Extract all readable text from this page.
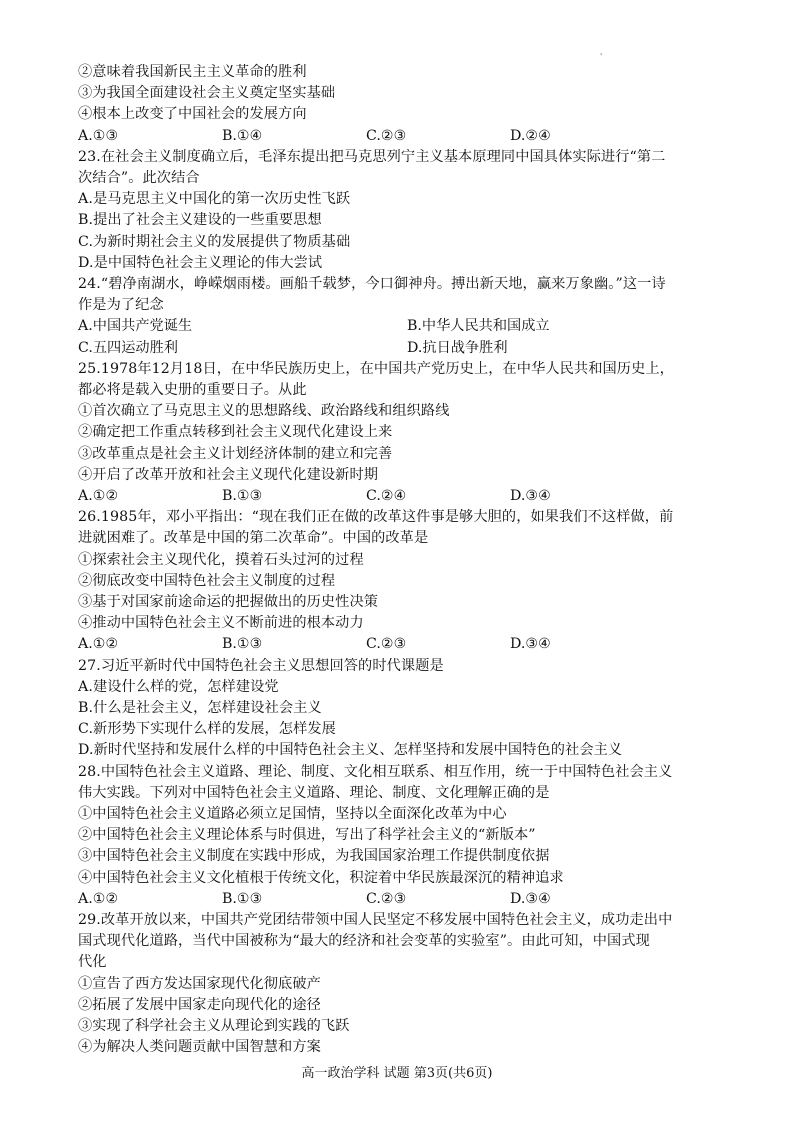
'
②意味着我国新民主主义革命的胜利
③为我国全面建设社会主义奠定坚实基础
④根本上改变了中国社会的发展方向
A.①③	B.①④	C.②③	D.②④
23.在社会主义制度确立后，毛泽东提出把马克思列宁主义基本原理同中国具体实际进行“第二
次结合”。此次结合
A.是马克思主义中国化的第一次历史性飞跃
B.提出了社会主义建设的一些重要思想
C.为新时期社会主义的发展提供了物质基础
D.是中国特色社会主义理论的伟大尝试
24.“碧净南湖水，峥嵘烟雨楼。画船千载梦，今口御神舟。搏出新天地，赢来万象幽。”这一诗
作是为了纪念
A.中国共产党诞生	B.中华人民共和国成立
C.五四运动胜利	D.抗日战争胜利
25.1978年12月18日，在中华民族历史上，在中国共产党历史上，在中华人民共和国历史上，
都必将是载入史册的重要日子。从此
①首次确立了马克思主义的思想路线、政治路线和组织路线
②确定把工作重点转移到社会主义现代化建设上来
③改革重点是社会主义计划经济体制的建立和完善
④开启了改革开放和社会主义现代化建设新时期
A.①②	B.①③	C.②④	D.③④
26.1985年，邓小平指出：“现在我们正在做的改革这件事是够大胆的，如果我们不这样做，前
进就困难了。改革是中国的第二次革命”。中国的改革是
①探索社会主义现代化，摸着石头过河的过程
②彻底改变中国特色社会主义制度的过程
③基于对国家前途命运的把握做出的历史性决策
④推动中国特色社会主义不断前进的根本动力
A.①②	B.①③	C.②③	D.③④
27.习近平新时代中国特色社会主义思想回答的时代课题是
A.建设什么样的党，怎样建设党
B.什么是社会主义，怎样建设社会主义
C.新形势下实现什么样的发展，怎样发展
D.新时代坚持和发展什么样的中国特色社会主义、怎样坚持和发展中国特色的社会主义
28.中国特色社会主义道路、理论、制度、文化相互联系、相互作用，统一于中国特色社会主义
伟大实践。下列对中国特色社会主义道路、理论、制度、文化理解正确的是
①中国特色社会主义道路必须立足国情，坚持以全面深化改革为中心
②中国特色社会主义理论体系与时俱进，写出了科学社会主义的“新版本”
③中国特色社会主义制度在实践中形成，为我国国家治理工作提供制度依据
④中国特色社会主义文化植根于传统文化，积淀着中华民族最深沉的精神追求
A.①②	B.①③	C.②③	D.③④
29.改革开放以来，中国共产党团结带领中国人民坚定不移发展中国特色社会主义，成功走出中
国式现代化道路，当代中国被称为“最大的经济和社会变革的实验室”。由此可知，中国式现
代化
①宣告了西方发达国家现代化彻底破产
②拓展了发展中国家走向现代化的途径
③实现了科学社会主义从理论到实践的飞跃
④为解决人类问题贡献中国智慧和方案
高一政治学科 试题 第3页(共6页)
